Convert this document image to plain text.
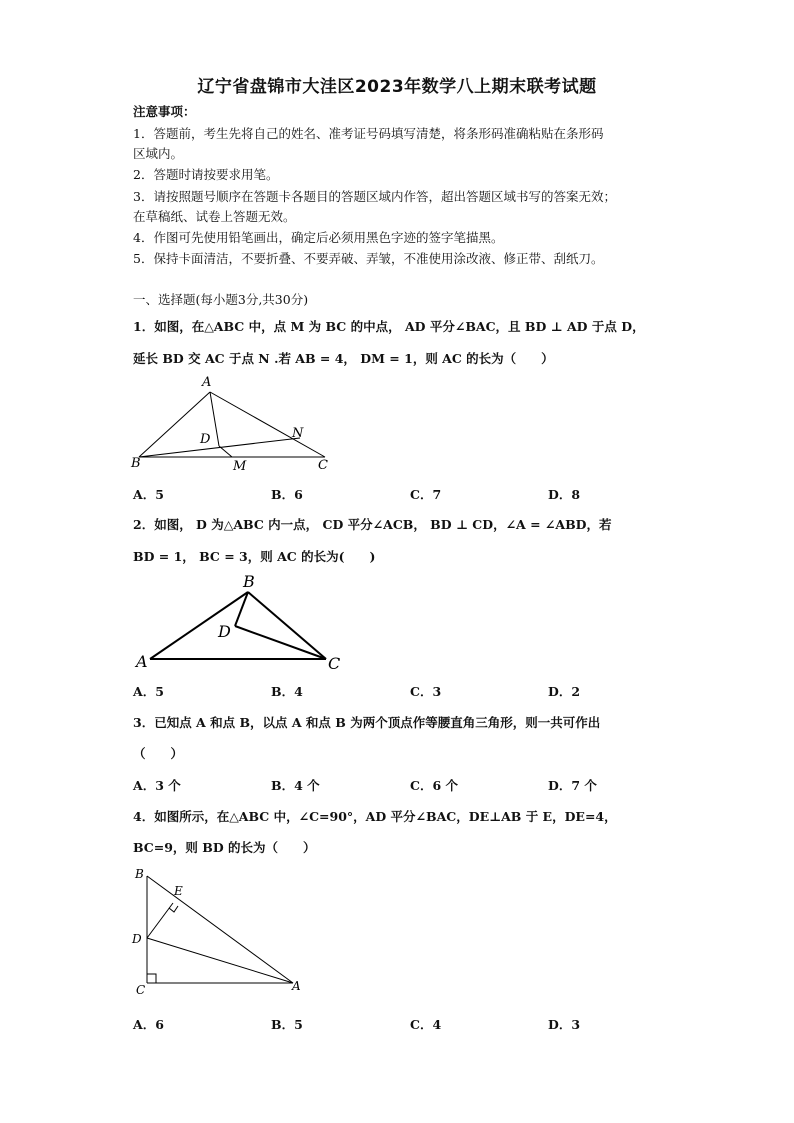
辽宁省盘锦市大洼区2023年数学八上期末联考试题
注意事项：
1．答题前，考生先将自己的姓名、准考证号码填写清楚，将条形码准确粘贴在条形码
区域内。
2．答题时请按要求用笔。
3．请按照题号顺序在答题卡各题目的答题区域内作答，超出答题区域书写的答案无效；
在草稿纸、试卷上答题无效。
4．作图可先使用铅笔画出，确定后必须用黑色字迹的签字笔描黑。
5．保持卡面清洁，不要折叠、不要弄破、弄皱，不准使用涂改液、修正带、刮纸刀。
一、选择题(每小题3分,共30分)
1．如图，在△ABC 中，点 M 为 BC 的中点， AD 平分∠BAC，且 BD ⊥ AD 于点 D，
延长 BD 交 AC 于点 N .若 AB = 4， DM = 1，则 AC 的长为（　　）
A
B	C
D
M
N
A．5	B．6	C．7	D．8
2．如图， D 为△ABC 内一点， CD 平分∠ACB， BD ⊥ CD，∠A = ∠ABD，若
BD = 1， BC = 3，则 AC 的长为(　　)
A
B
C
D
A．5	B．4	C．3	D．2
3．已知点 A 和点 B，以点 A 和点 B 为两个顶点作等腰直角三角形，则一共可作出
（　　）
A．3 个	B．4 个	C．6 个	D．7 个
4．如图所示，在△ABC 中，∠C=90°，AD 平分∠BAC，DE⊥AB 于 E，DE=4，
BC=9，则 BD 的长为（　　）
B
E
D
C	A
A．6	B．5	C．4	D．3
